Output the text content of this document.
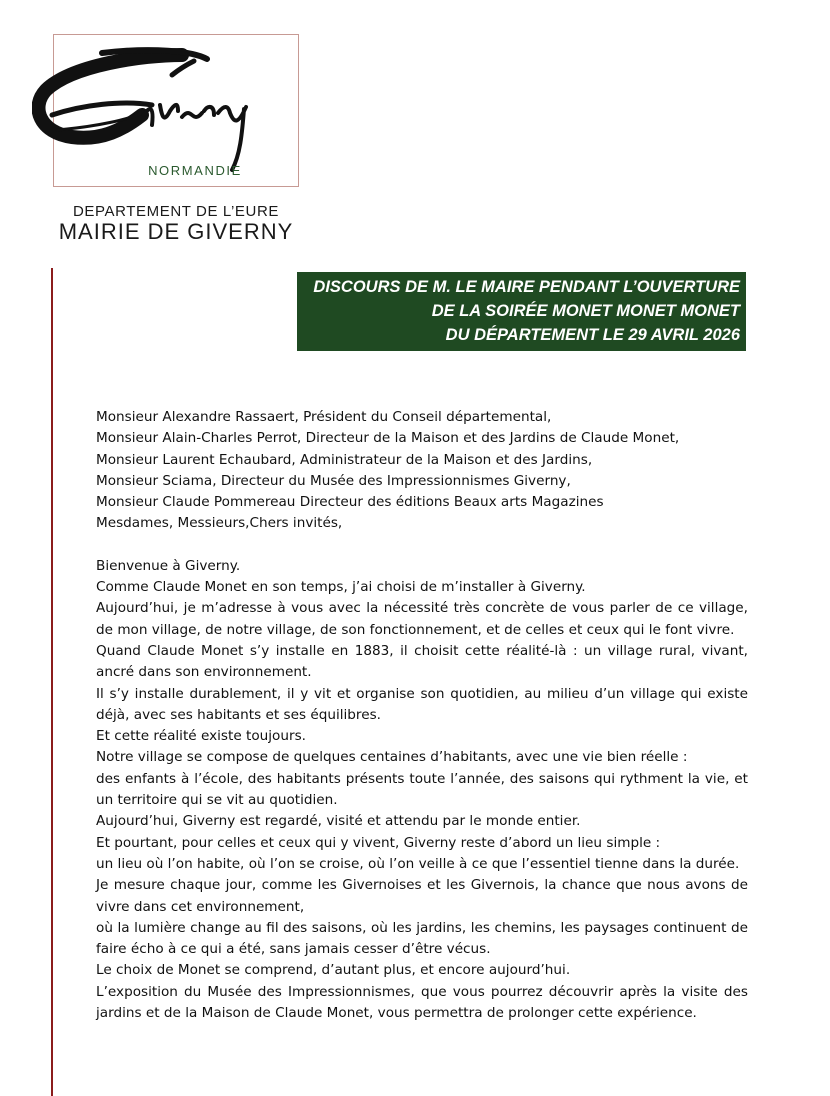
NORMANDIE
DEPARTEMENT DE L’EURE
MAIRIE DE GIVERNY
DISCOURS DE M. LE MAIRE PENDANT L’OUVERTURE
DE LA SOIRÉE MONET MONET MONET
DU DÉPARTEMENT LE 29 AVRIL 2026

Monsieur Alexandre Rassaert, Président du Conseil départemental,

Monsieur Alain-Charles Perrot, Directeur de la Maison et des Jardins de Claude Monet,

Monsieur Laurent Echaubard, Administrateur de la Maison et des Jardins,

Monsieur Sciama, Directeur du Musée des Impressionnismes Giverny,

Monsieur Claude Pommereau Directeur des éditions Beaux arts Magazines

Mesdames, Messieurs,Chers invités,

Bienvenue à Giverny.

Comme Claude Monet en son temps, j’ai choisi de m’installer à Giverny.

Aujourd’hui, je m’adresse à vous avec la nécessité très concrète de vous parler de ce village, de mon village, de notre village, de son fonctionnement, et de celles et ceux qui le font vivre.

Quand Claude Monet s’y installe en 1883, il choisit cette réalité-là : un village rural, vivant, ancré dans son environnement.

Il s’y installe durablement, il y vit et organise son quotidien, au milieu d’un village qui existe déjà, avec ses habitants et ses équilibres.

Et cette réalité existe toujours.

Notre village se compose de quelques centaines d’habitants, avec une vie bien réelle :

des enfants à l’école, des habitants présents toute l’année, des saisons qui rythment la vie, et un territoire qui se vit au quotidien.

Aujourd’hui, Giverny est regardé, visité et attendu par le monde entier.

Et pourtant, pour celles et ceux qui y vivent, Giverny reste d’abord un lieu simple :

un lieu où l’on habite, où l’on se croise, où l’on veille à ce que l’essentiel tienne dans la durée.

Je mesure chaque jour, comme les Givernoises et les Givernois, la chance que nous avons de vivre dans cet environnement,

où la lumière change au fil des saisons, où les jardins, les chemins, les paysages continuent de faire écho à ce qui a été, sans jamais cesser d’être vécus.

Le choix de Monet se comprend, d’autant plus, et encore aujourd’hui.

L’exposition du Musée des Impressionnismes, que vous pourrez découvrir après la visite des jardins et de la Maison de Claude Monet, vous permettra de prolonger cette expérience.
